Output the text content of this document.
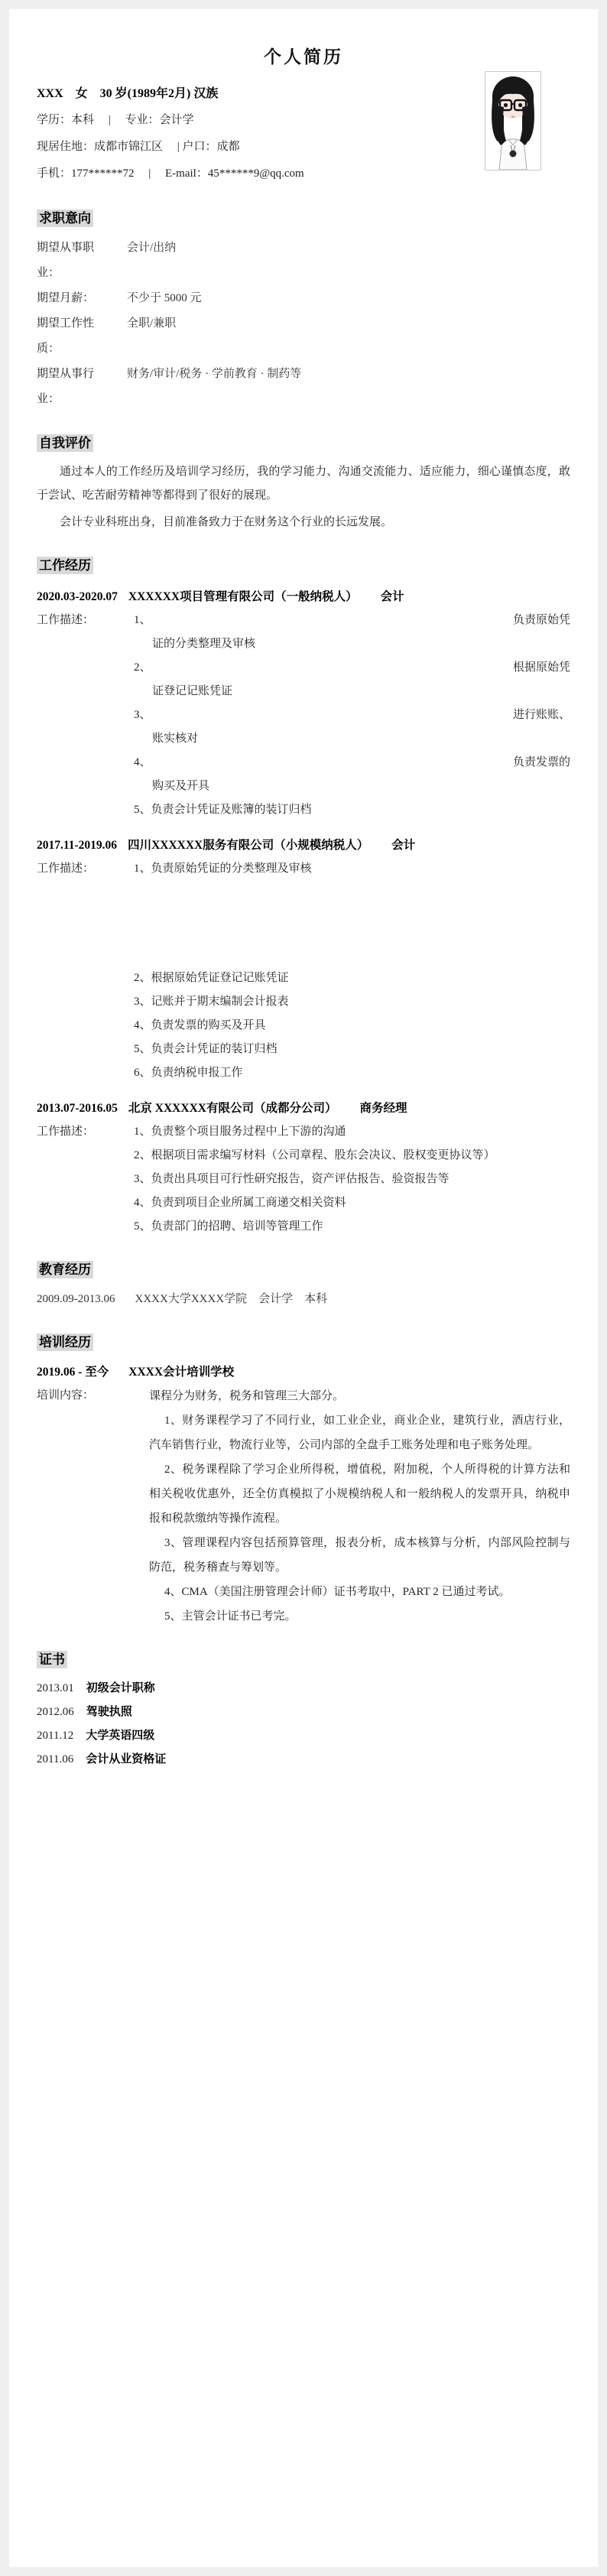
个人简历
XXX　女　30 岁(1989年2月) 汉族
学历：本科　 |　 专业：会计学
现居住地：成都市锦江区　 | 户口：成都
手机：177******72　 |　 E-mail：45******9@qq.com
求职意向
期望从事职业：
会计/出纳
期望月薪：	不少于 5000 元
期望工作性质：
全职/兼职
期望从事行业：
财务/审计/税务 · 学前教育 · 制药等
自我评价

通过本人的工作经历及培训学习经历，我的学习能力、沟通交流能力、适应能力，细心谨慎态度，敢于尝试、吃苦耐劳精神等都得到了很好的展现。

会计专业科班出身，目前准备致力于在财务这个行业的长远发展。

工作经历
2020.03-2020.07 XXXXXX项目管理有限公司（一般纳税人） 会计
工作描述：	1、	负责原始凭
证的分类整理及审核
2、	根据原始凭
证登记记账凭证
3、	进行账账、
账实核对
4、	负责发票的
购买及开具
5、负责会计凭证及账簿的装订归档
2017.11-2019.06 四川XXXXXX服务有限公司（小规模纳税人） 会计
工作描述：	1、负责原始凭证的分类整理及审核
2、根据原始凭证登记记账凭证
3、记账并于期末编制会计报表
4、负责发票的购买及开具
5、负责会计凭证的装订归档
6、负责纳税申报工作
2013.07-2016.05 北京 XXXXXX有限公司（成都分公司） 商务经理
工作描述：	1、负责整个项目服务过程中上下游的沟通
2、根据项目需求编写材料（公司章程、股东会决议、股权变更协议等）
3、负责出具项目可行性研究报告，资产评估报告、验资报告等
4、负责到项目企业所属工商递交相关资料
5、负责部门的招聘、培训等管理工作
教育经历
2009.09-2013.06 XXXX大学XXXX学院　会计学　本科
培训经历
2019.06 - 至今 XXXX会计培训学校
培训内容：	课程分为财务，税务和管理三大部分。

1、财务课程学习了不同行业，如工业企业，商业企业，建筑行业，酒店行业，汽车销售行业，物流行业等，公司内部的全盘手工账务处理和电子账务处理。

2、税务课程除了学习企业所得税，增值税，附加税，个人所得税的计算方法和相关税收优惠外，还全仿真模拟了小规模纳税人和一般纳税人的发票开具，纳税申报和税款缴纳等操作流程。

3、管理课程内容包括预算管理，报表分析，成本核算与分析，内部风险控制与防范，税务稽查与筹划等。

4、CMA（美国注册管理会计师）证书考取中，PART 2 已通过考试。

5、主管会计证书已考完。

证书
2013.01 初级会计职称
2012.06 驾驶执照
2011.12 大学英语四级
2011.06 会计从业资格证
